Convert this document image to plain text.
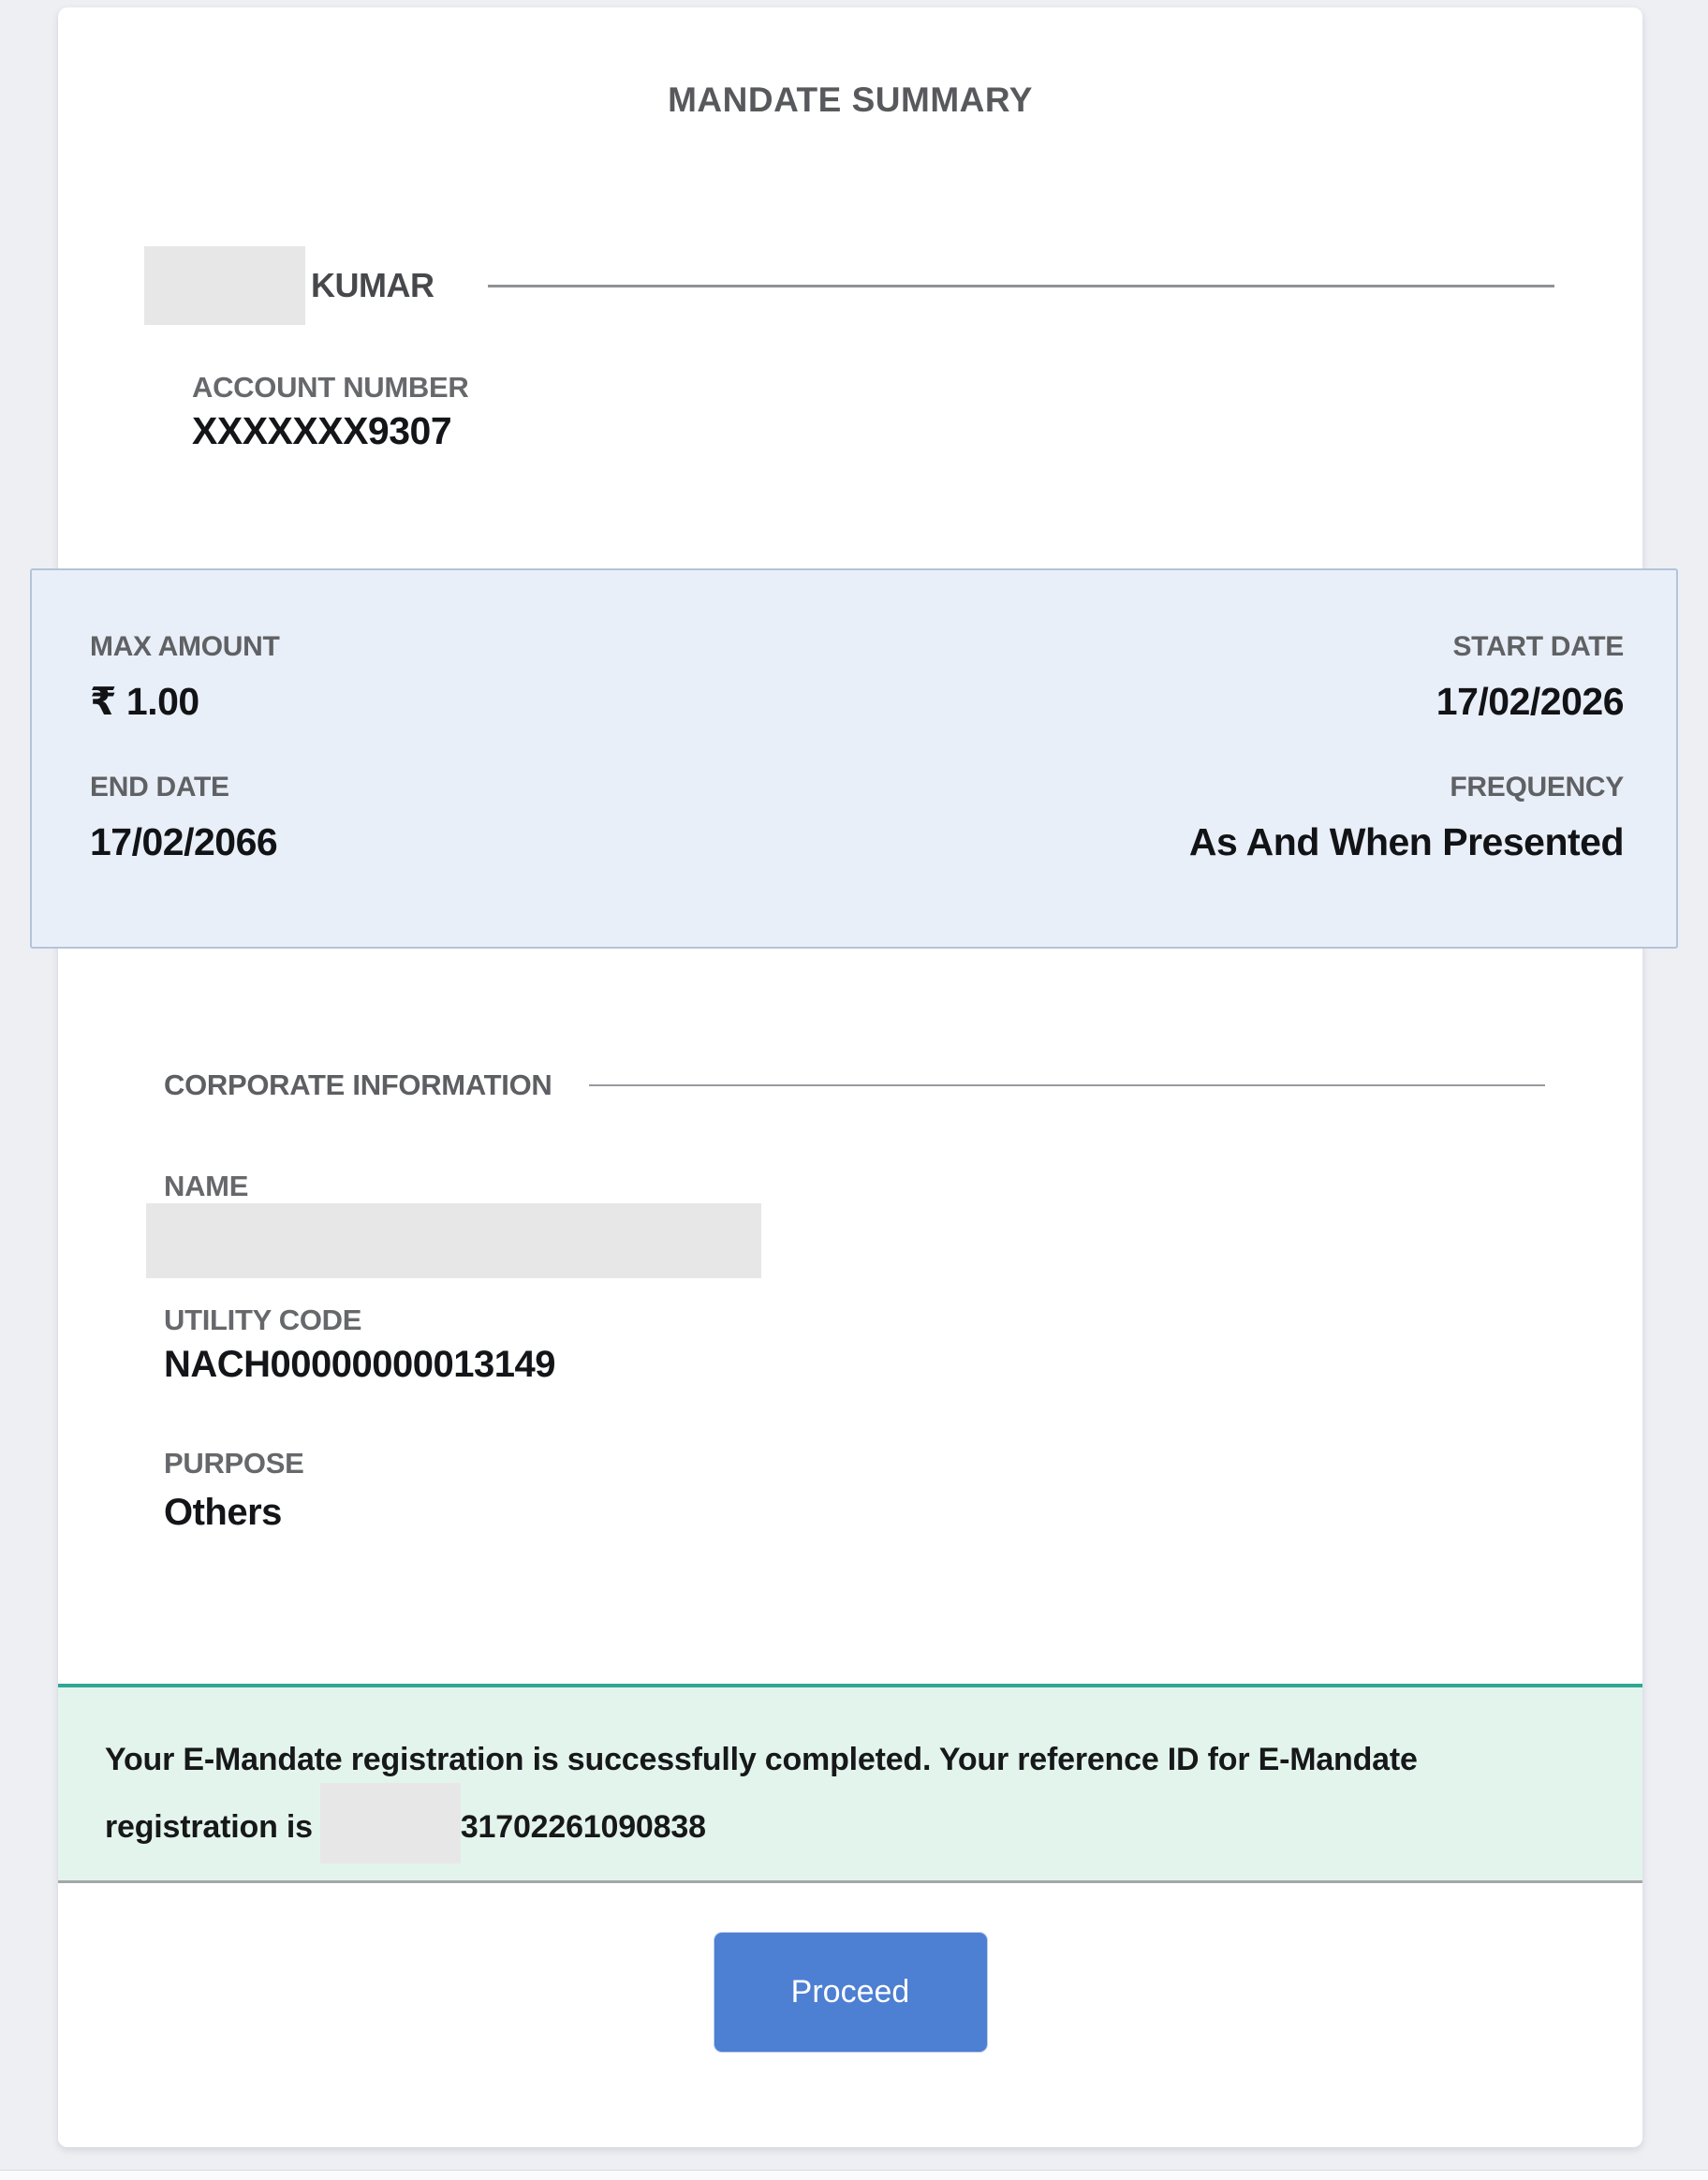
MANDATE SUMMARY
KUMAR
ACCOUNT NUMBER
XXXXXXX9307
MAX AMOUNT
₹ 1.00
START DATE
17/02/2026
END DATE
17/02/2066
FREQUENCY
As And When Presented
CORPORATE INFORMATION
NAME
UTILITY CODE
NACH00000000013149
PURPOSE
Others

Your E-Mandate registration is successfully completed. Your reference ID for E-Mandate registration is	31702261090838

Proceed
